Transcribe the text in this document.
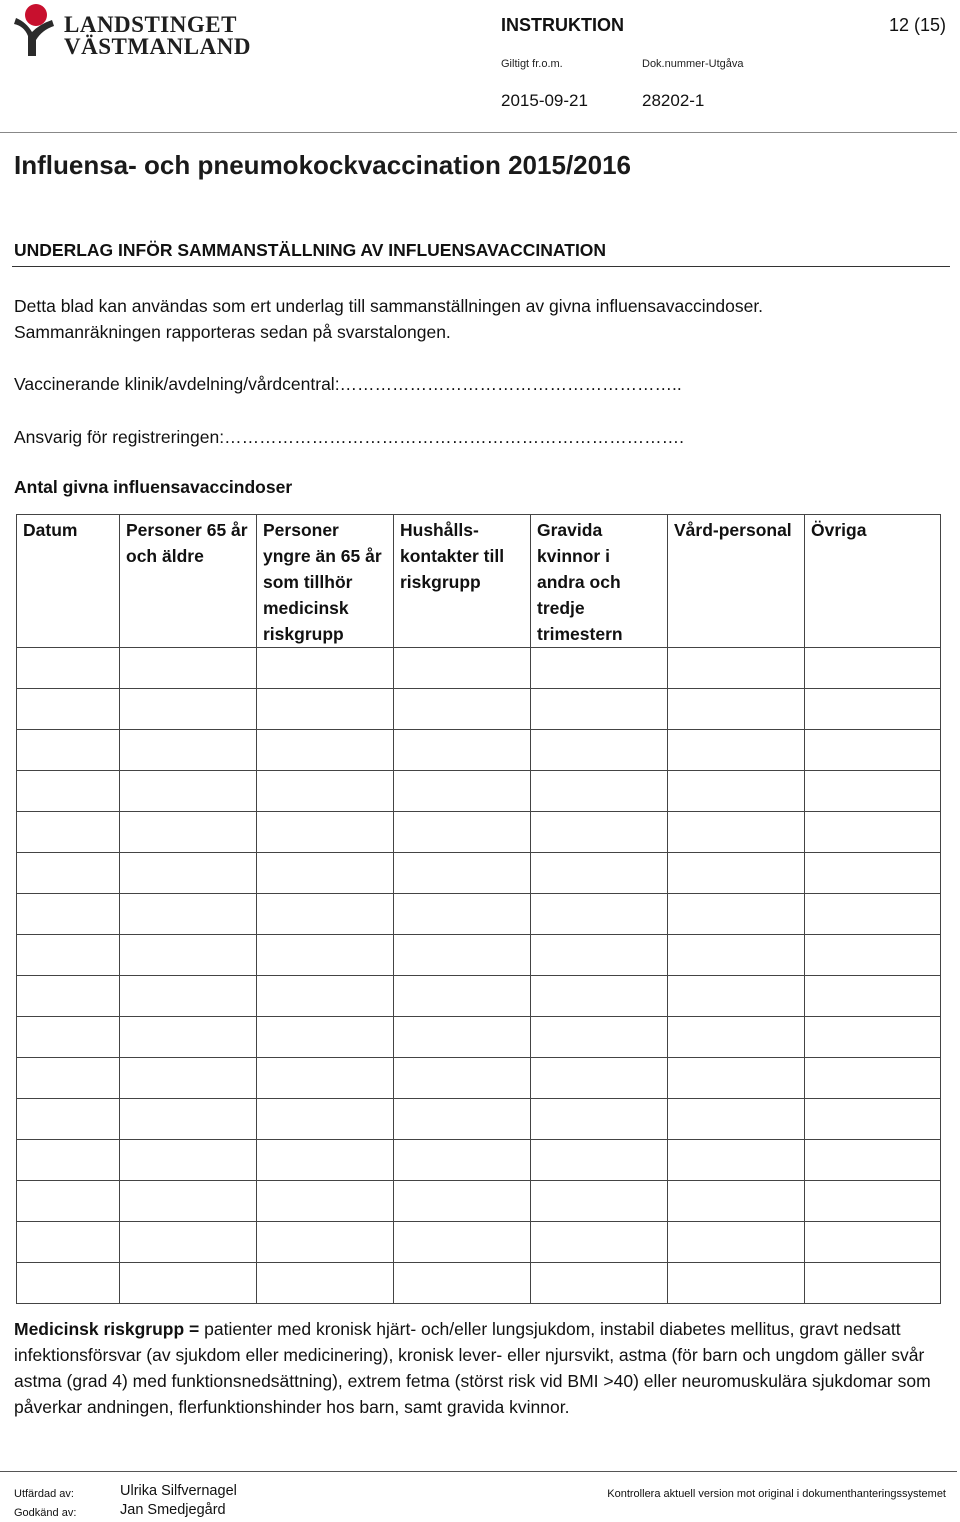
LANDSTINGET
VÄSTMANLAND
INSTRUKTION	12 (15)
Giltigt fr.o.m.	Dok.nummer-Utgåva
2015-09-21	28202-1
Influensa- och pneumokockvaccination 2015/2016
UNDERLAG INFÖR SAMMANSTÄLLNING AV INFLUENSAVACCINATION
Detta blad kan användas som ert underlag till sammanställningen av givna influensavaccindoser.
Sammanräkningen rapporteras sedan på svarstalongen.
Vaccinerande klinik/avdelning/vårdcentral:…………………………………………………..
Ansvarig för registreringen:…………………………………………………………………….
Antal givna influensavaccindoser
Datum	Personer 65 år och äldre	Personer yngre än 65 år som tillhör medicinsk riskgrupp	Hushålls-kontakter till riskgrupp	Gravida kvinnor i andra och tredje trimestern	Vård-personal	Övriga

Medicinsk riskgrupp = patienter med kronisk hjärt- och/eller lungsjukdom, instabil diabetes mellitus, gravt nedsatt infektionsförsvar (av sjukdom eller medicinering), kronisk lever- eller njursvikt, astma (för barn och ungdom gäller svår astma (grad 4) med funktionsnedsättning), extrem fetma (störst risk vid BMI >40) eller neuromuskulära sjukdomar som påverkar andningen, flerfunktionshinder hos barn, samt gravida kvinnor.
Utfärdad av:	Ulrika Silfvernagel
Godkänd av:	Jan Smedjegård
Kontrollera aktuell version mot original i dokumenthanteringssystemet
